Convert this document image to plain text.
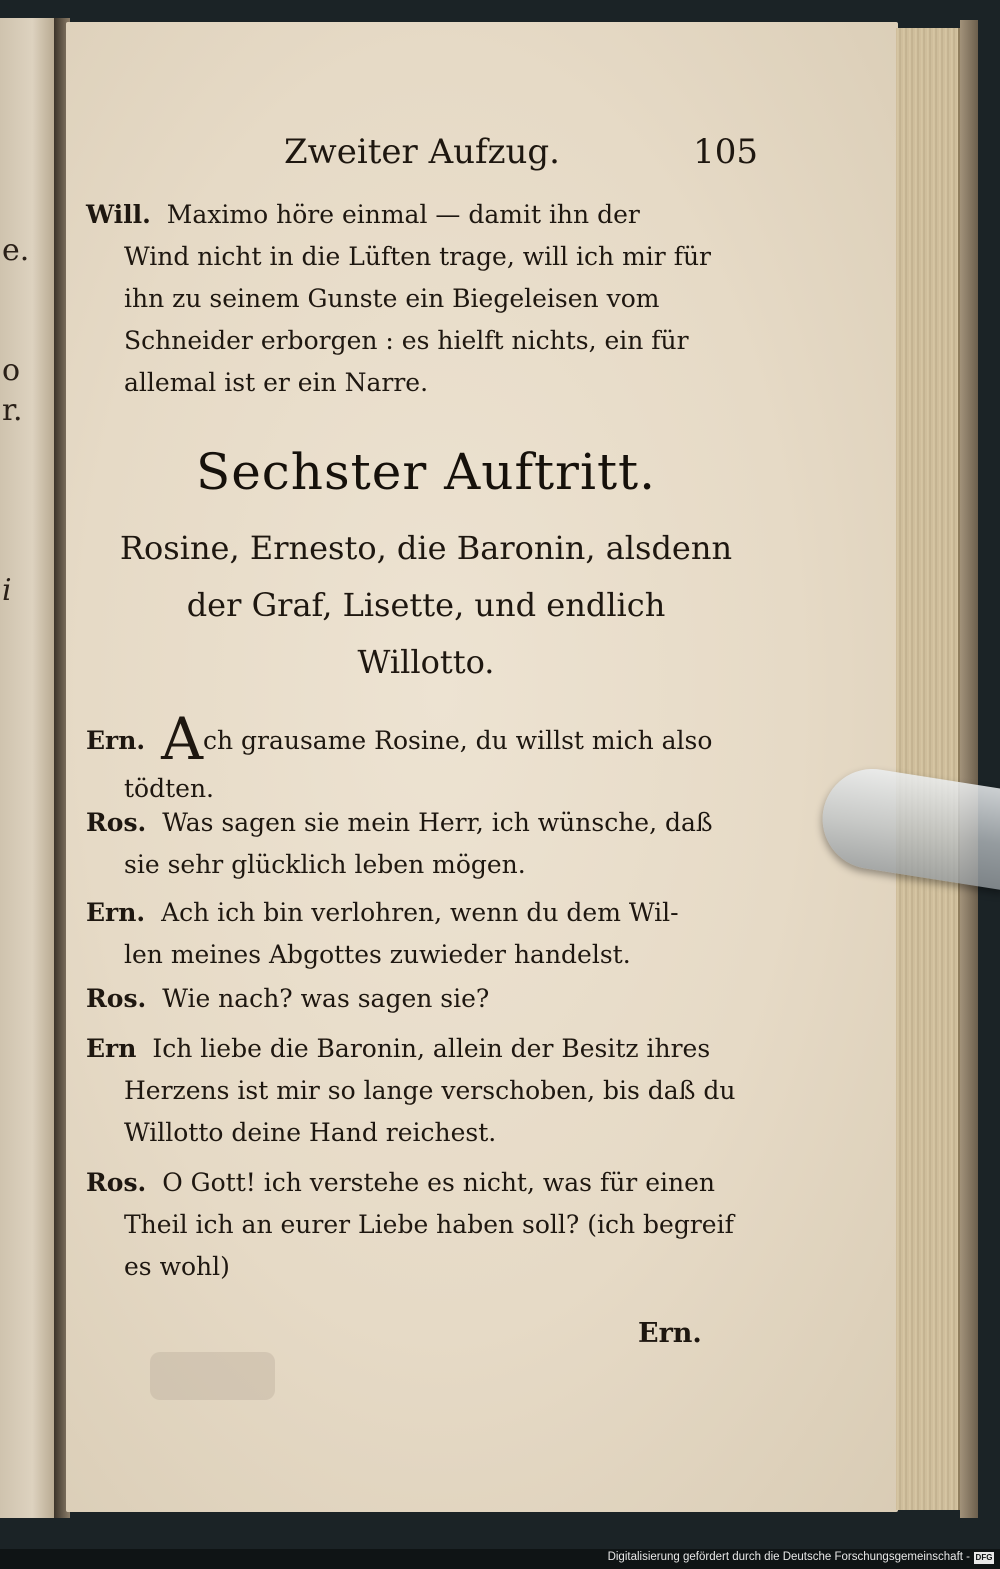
e.
o
r.
i
Zweiter Aufzug.	105
Will. Maximo höre einmal — damit ihn der
Wind nicht in die Lüften trage, will ich mir für
ihn zu seinem Gunste ein Biegeleisen vom
Schneider erborgen : es hielft nichts, ein für
allemal ist er ein Narre.
Sechster Auftritt.
Rosine, Ernesto, die Baronin, alsdenn
der Graf, Lisette, und endlich
Willotto.
Ern. Ach grausame Rosine, du willst mich also
tödten.
Ros. Was sagen sie mein Herr, ich wünsche, daß
sie sehr glücklich leben mögen.
Ern. Ach ich bin verlohren, wenn du dem Wil-
len meines Abgottes zuwieder handelst.
Ros. Wie nach? was sagen sie?
Ern Ich liebe die Baronin, allein der Besitz ihres
Herzens ist mir so lange verschoben, bis daß du
Willotto deine Hand reichest.
Ros. O Gott! ich verstehe es nicht, was für einen
Theil ich an eurer Liebe haben soll? (ich begreif
es wohl)
Ern.
Digitalisierung gefördert durch die Deutsche Forschungsgemeinschaft - DFG
